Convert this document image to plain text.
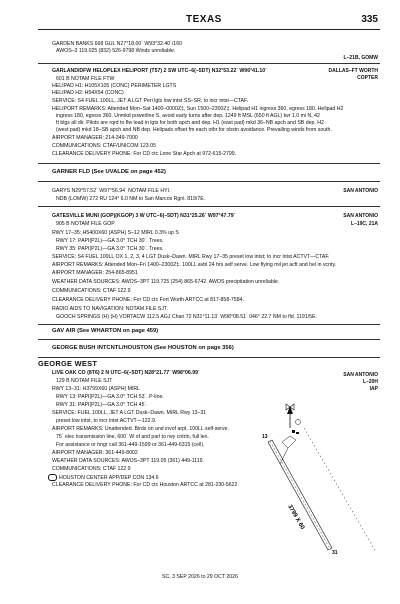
TEXAS	335
GARDEN BANKS 668 GUL N27°18.00´ W93°32.40´/160
AWOS–3 119.025 (832) 526-9798 Winds unreliable.
L–21B, GOMW
GARLAND/DFW HELOPLEX HELIPORT (T57) 2 SW UTC–6(–5DT) N32°53.22´ W96°41.10´	DALLAS–FT WORTH
COPTER
601 B NOTAM FILE FTW
HELIPAD H1: H105X105 (CONC) PERIMETER LGTS
HELIPAD H2: H54X54 (CONC)
SERVICE: S4 FUEL 100LL, JET A LGT Peri lgts low intst SS–SR, to incr intst—CTAF.
HELIPORT REMARKS: Attended Mon–Sat 1400–0000Z‡, Sun 1500–2300Z‡. Helipad H1 ingress 360, egress 180. Helipad H2
ingress 180, egress 360. Unmkd powerline S, avoid early turns after dep. 1249 ft MSL (650 ft AGL) twr 1.0 mi N, 42
ft blgs all dir. Pilots are rqrd to flw lead in lgts for both apch and dep. H1 (east pad) mkd 36–NB apch and SB dep. H2
(west pad) mkd 18–SB apch and NB dep. Helipads offset fm each othr for obstn avoidance. Prevailing winds from south.
AIRPORT MANAGER: 214-349-7000
COMMUNICATIONS: CTAF/UNICOM 123.05
CLEARANCE DELIVERY PHONE: For CD ctc Lone Star Apch at 972-615-2799.
GARNER FLD (See UVALDE on page 452)
GARYS N29°57.52´ W97°56.94´ NOTAM FILE HYI.	SAN ANTONIO
NDB (LOMW) 272 RU 124° 6.0 NM to San Marcos Rgnl. 819/7E.
GATESVILLE MUNI (GOP)(KGOP) 3 W UTC–6(–5DT) N31°25.26´ W97°47.79´	SAN ANTONIO
L–19C, 21A
905 B NOTAM FILE GOP
RWY 17–35: H5400X60 (ASPH) S–12 MIRL 0.3% up S
RWY 17: PAPI(P2L)—GA 3.0° TCH 30´. Trees.
RWY 35: PAPI(P2L)—GA 3.0° TCH 30´. Trees.
SERVICE: S4 FUEL 100LL OX 1, 2, 3, 4 LGT Dusk–Dawn. MIRL Rwy 17–35 preset low intst; to incr intst ACTVT—CTAF.
AIRPORT REMARKS: Attended Mon–Fri 1400–2300Z‡. 100LL avbl 24 hrs self serve. Low flying mil jet acft and hel in vcnty.
AIRPORT MANAGER: 254-865-8951
WEATHER DATA SOURCES: AWOS–3PT 119.725 (254) 865-6742. AWOS precipitation unreliable.
COMMUNICATIONS: CTAF 122.9
CLEARANCE DELIVERY PHONE: For CD ctc Fort Worth ARTCC at 817-858-7584.
RADIO AIDS TO NAVIGATION: NOTAM FILE SJT.
GOOCH SPRINGS (H) (H) VORTACW 112.5 AGJ Chan 72 N31°11.13´ W98°08.51´ 046° 22.7 NM to fld. 1191/5E.
GAV AIR (See WHARTON on page 459)
GEORGE BUSH INTCNTL/HOUSTON (See HOUSTON on page 356)
GEORGE WEST
LIVE OAK CO (8T6) 2 N UTC–6(–5DT) N28°21.77´ W98°06.99´	SAN ANTONIO
L–20H
IAP
129 B NOTAM FILE SJT
RWY 13–31: H3799X60 (ASPH) MIRL
RWY 13: PAPI(P2L)—GA 3.0° TCH 53´. P-line.
RWY 31: PAPI(P2L)—GA 3.0° TCH 45´.
SERVICE: FUEL 100LL, JET A LGT Dusk–Dawn. MIRL Rwy 13–31
preset low intst, to incr intst ACTVT—122.9.
AIRPORT REMARKS: Unattended. Birds on and invof arpt. 100LL self-serve.
75´ elec transmission line, 600´ W of and parl to rwy cntrln, full len.
For assistance or hngr call 361-449-1599 or 361-449-6315 (cell).
AIRPORT MANAGER: 361-449-8002
WEATHER DATA SOURCES: AWOS–3PT 119.05 (361) 449-1119.
COMMUNICATIONS: CTAF 122.9
HOUSTON CENTER APP/DEP CON 134.6
CLEARANCE DELIVERY PHONE: For CD ctc Houston ARTCC at 281-230-5622.
13
31
3799 X 60
SC, 3 SEP 2026 to 29 OCT 2026
